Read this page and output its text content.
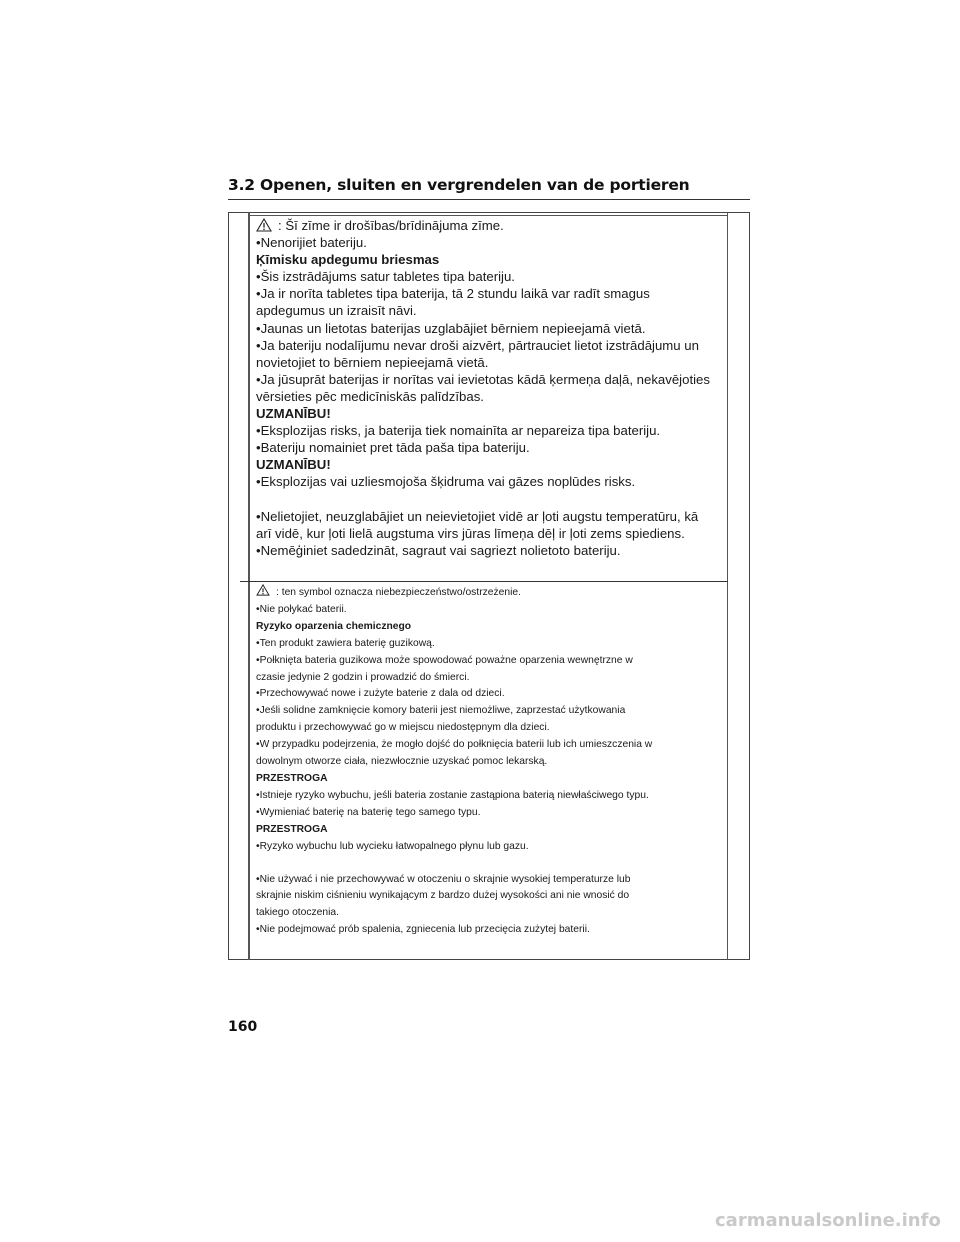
3.2 Openen, sluiten en vergrendelen van de portieren
: Šī zīme ir drošības/brīdinājuma zīme.
•Nenorijiet bateriju.
Ķīmisku apdegumu briesmas
•Šis izstrādājums satur tabletes tipa bateriju.
•Ja ir norīta tabletes tipa baterija, tā 2 stundu laikā var radīt smagus
apdegumus un izraisīt nāvi.
•Jaunas un lietotas baterijas uzglabājiet bērniem nepieejamā vietā.
•Ja bateriju nodalījumu nevar droši aizvērt, pārtrauciet lietot izstrādājumu un
novietojiet to bērniem nepieejamā vietā.
•Ja jūsuprāt baterijas ir norītas vai ievietotas kādā ķermeņa daļā, nekavējoties
vērsieties pēc medicīniskās palīdzības.
UZMANĪBU!
•Eksplozijas risks, ja baterija tiek nomainīta ar nepareiza tipa bateriju.
•Bateriju nomainiet pret tāda paša tipa bateriju.
UZMANĪBU!
•Eksplozijas vai uzliesmojoša šķidruma vai gāzes noplūdes risks.
•Nelietojiet, neuzglabājiet un neievietojiet vidē ar ļoti augstu temperatūru, kā
arī vidē, kur ļoti lielā augstuma virs jūras līmeņa dēļ ir ļoti zems spiediens.
•Nemēģiniet sadedzināt, sagraut vai sagriezt nolietoto bateriju.
: ten symbol oznacza niebezpieczeństwo/ostrzeżenie.
•Nie połykać baterii.
Ryzyko oparzenia chemicznego
•Ten produkt zawiera baterię guzikową.
•Połknięta bateria guzikowa może spowodować poważne oparzenia wewnętrzne w
czasie jedynie 2 godzin i prowadzić do śmierci.
•Przechowywać nowe i zużyte baterie z dala od dzieci.
•Jeśli solidne zamknięcie komory baterii jest niemożliwe, zaprzestać użytkowania
produktu i przechowywać go w miejscu niedostępnym dla dzieci.
•W przypadku podejrzenia, że mogło dojść do połknięcia baterii lub ich umieszczenia w
dowolnym otworze ciała, niezwłocznie uzyskać pomoc lekarską.
PRZESTROGA
•Istnieje ryzyko wybuchu, jeśli bateria zostanie zastąpiona baterią niewłaściwego typu.
•Wymieniać baterię na baterię tego samego typu.
PRZESTROGA
•Ryzyko wybuchu lub wycieku łatwopalnego płynu lub gazu.
•Nie używać i nie przechowywać w otoczeniu o skrajnie wysokiej temperaturze lub
skrajnie niskim ciśnieniu wynikającym z bardzo dużej wysokości ani nie wnosić do
takiego otoczenia.
•Nie podejmować prób spalenia, zgniecenia lub przecięcia zużytej baterii.
160
carmanualsonline.info
